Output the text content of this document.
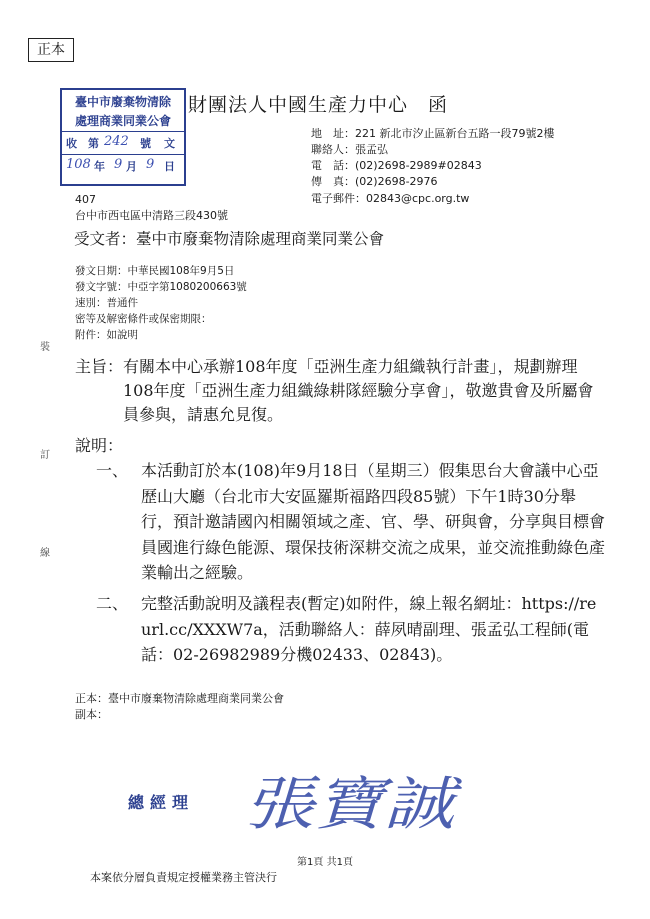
正本
臺中市廢棄物清除
處理商業同業公會
收 第 242 號 文
108 年 9 月 9 日
財團法人中國生產力中心　函
地　址：221 新北市汐止區新台五路一段79號2樓
聯絡人：張孟弘
電　話：(02)2698-2989#02843
傳　真：(02)2698-2976
電子郵件：02843@cpc.org.tw
407
台中市西屯區中清路三段430號
受文者：臺中市廢棄物清除處理商業同業公會
發文日期：中華民國108年9月5日
發文字號：中亞字第1080200663號
速別：普通件
密等及解密條件或保密期限：
附件：如說明
裝
訂
線
主旨： 有關本中心承辦108年度「亞洲生產力組織執行計畫」，規劃辦理108年度「亞洲生產力組織綠耕隊經驗分享會」，敬邀貴會及所屬會員參與，請惠允見復。
說明：
一、 本活動訂於本(108)年9月18日（星期三）假集思台大會議中心亞歷山大廳（台北市大安區羅斯福路四段85號）下午1時30分舉行，預計邀請國內相關領域之產、官、學、研與會，分享與目標會員國進行綠色能源、環保技術深耕交流之成果，並交流推動綠色產業輸出之經驗。
二、 完整活動說明及議程表(暫定)如附件，線上報名網址：https://reurl.cc/XXXW7a，活動聯絡人：薛夙晴副理、張孟弘工程師(電話：02-26982989分機02433、02843)。
正本：臺中市廢棄物清除處理商業同業公會
副本：
總經理 張寶誠
第1頁 共1頁
本案依分層負責規定授權業務主管決行
